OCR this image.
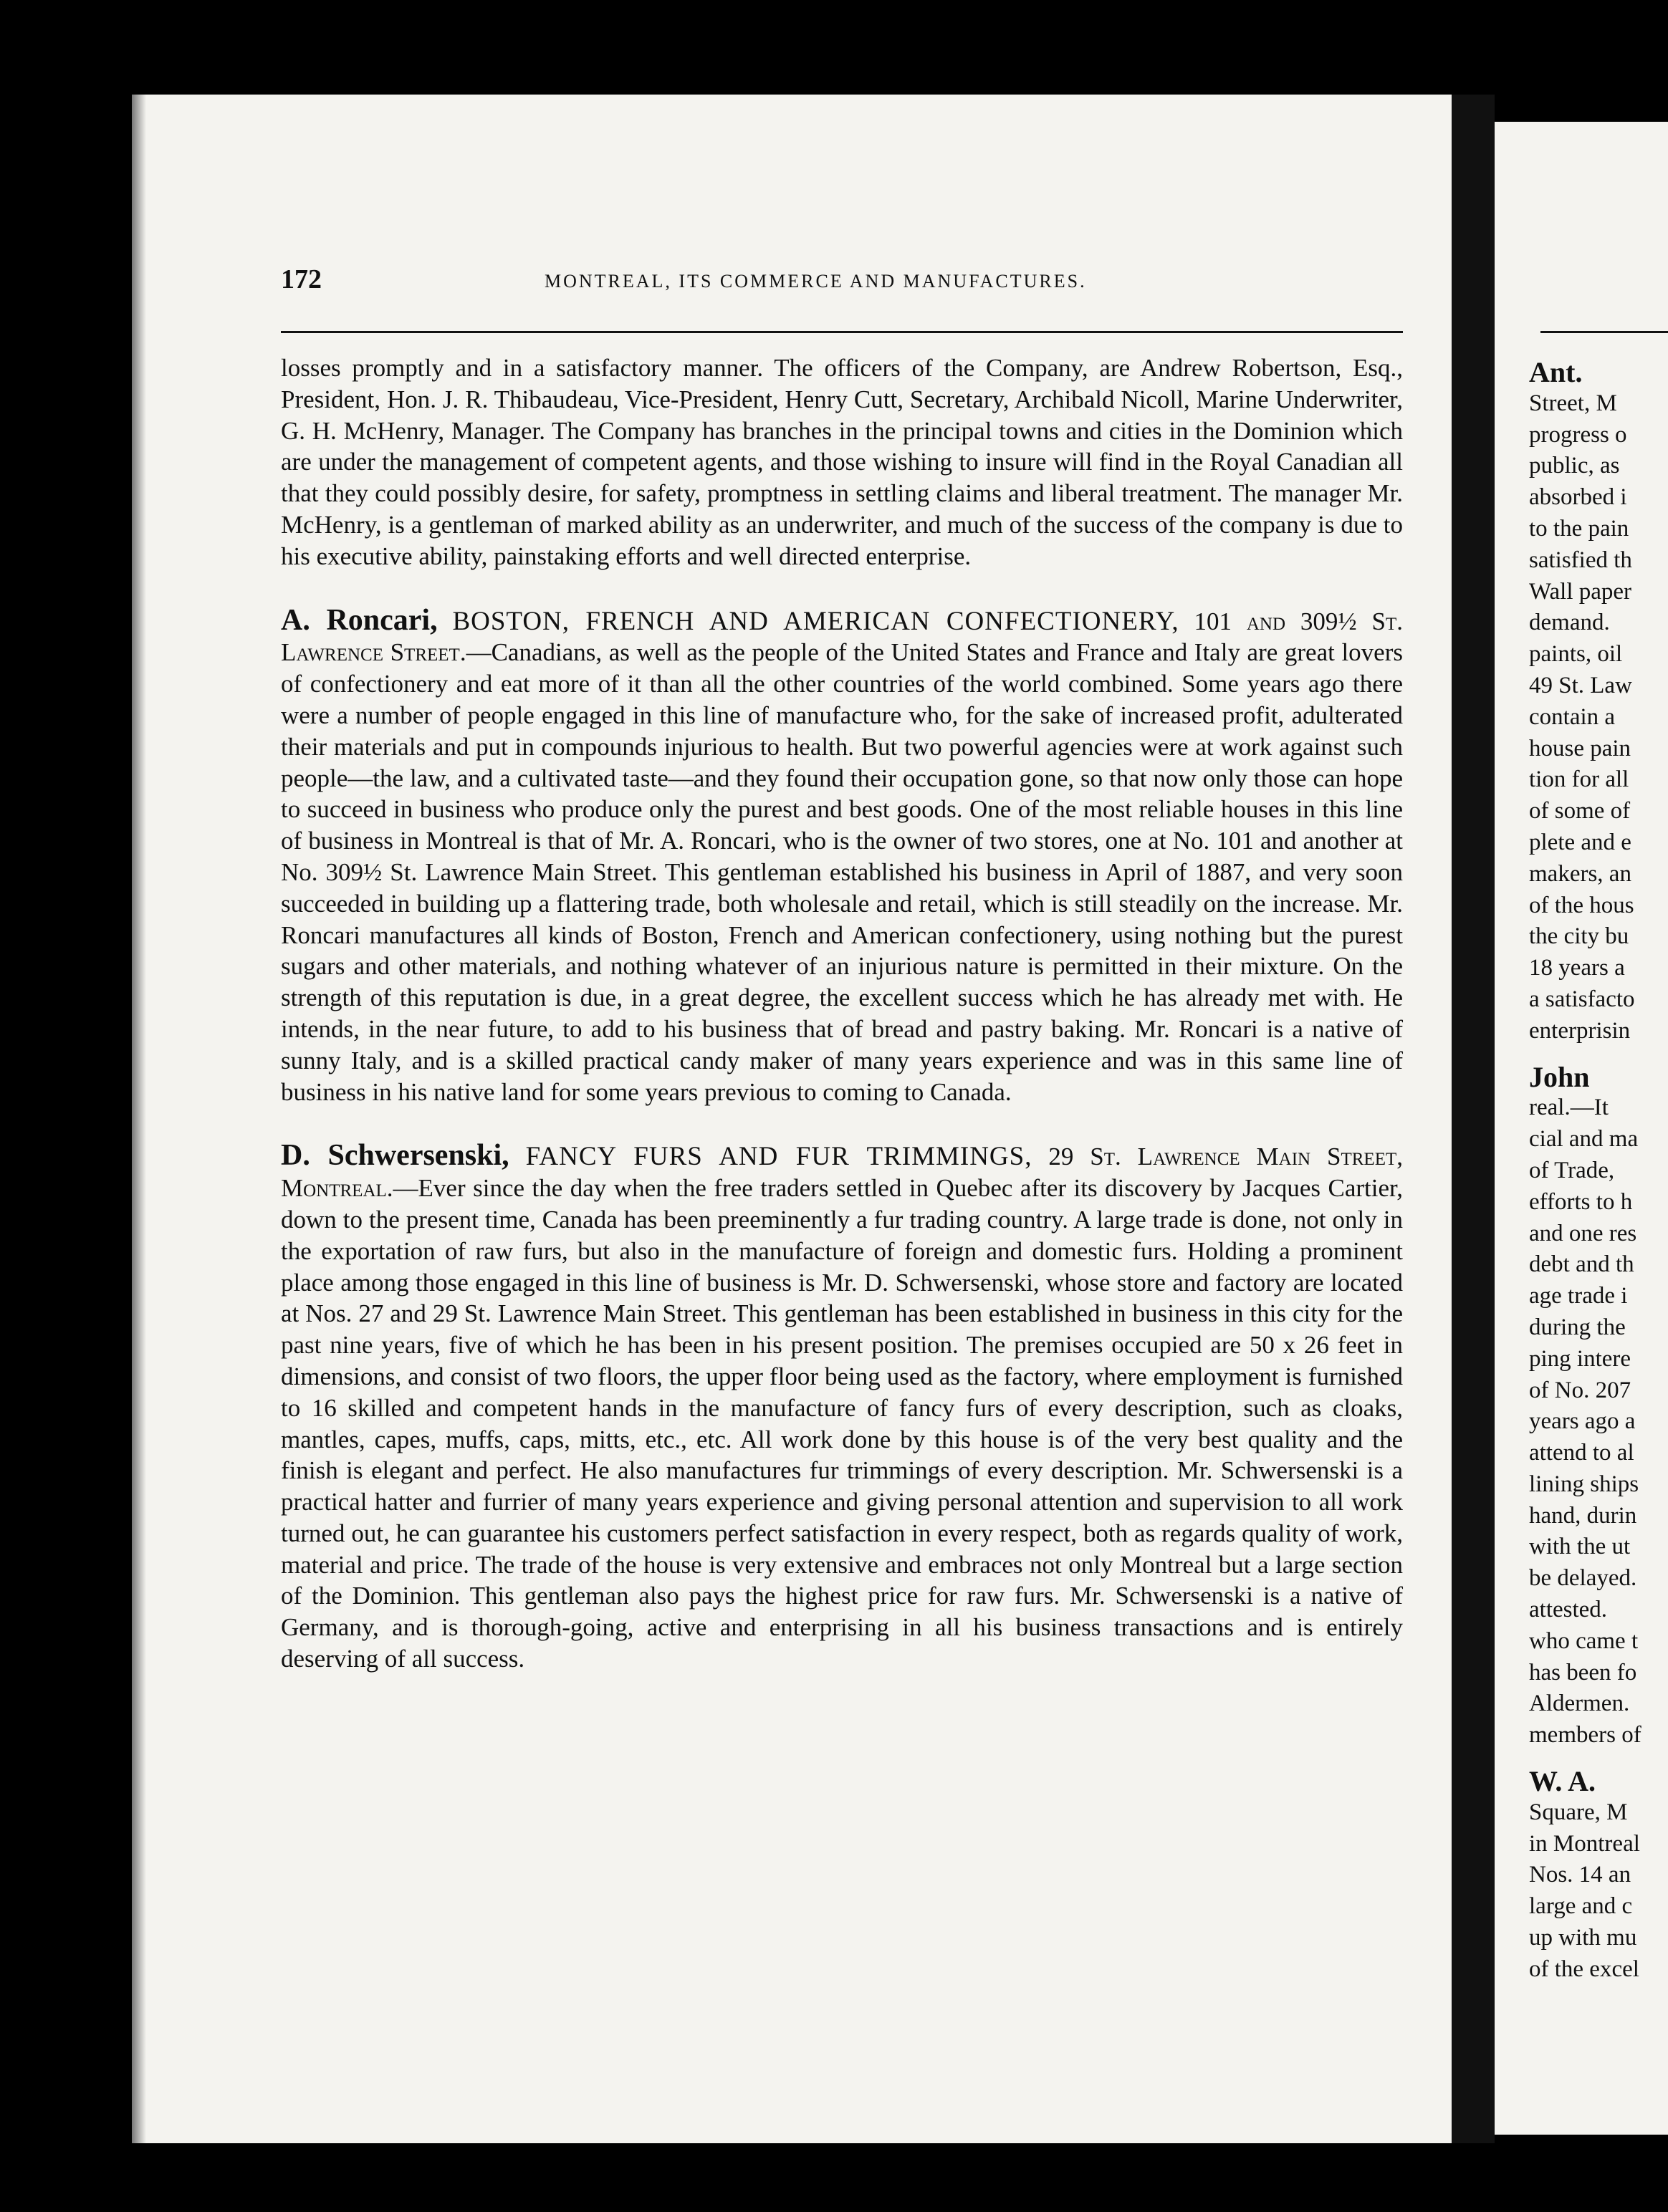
172	MONTREAL, ITS COMMERCE AND MANUFACTURES.

losses promptly and in a satisfactory manner. The officers of the Company, are Andrew Robertson, Esq., President, Hon. J. R. Thibaudeau, Vice-President, Henry Cutt, Secretary, Archibald Nicoll, Marine Underwriter, G. H. McHenry, Manager. The Company has branches in the principal towns and cities in the Dominion which are under the management of competent agents, and those wishing to insure will find in the Royal Canadian all that they could possibly desire, for safety, promptness in settling claims and liberal treatment. The manager Mr. McHenry, is a gentleman of marked ability as an underwriter, and much of the success of the company is due to his executive ability, painstaking efforts and well directed enterprise.

A. Roncari, BOSTON, FRENCH AND AMERICAN CONFECTIONERY, 101 and 309½ St. Lawrence Street.—Canadians, as well as the people of the United States and France and Italy are great lovers of confectionery and eat more of it than all the other countries of the world combined. Some years ago there were a number of people engaged in this line of manufacture who, for the sake of increased profit, adulterated their materials and put in compounds injurious to health. But two powerful agencies were at work against such people—the law, and a cultivated taste—and they found their occupation gone, so that now only those can hope to succeed in business who produce only the purest and best goods. One of the most reliable houses in this line of business in Montreal is that of Mr. A. Roncari, who is the owner of two stores, one at No. 101 and another at No. 309½ St. Lawrence Main Street. This gentleman established his business in April of 1887, and very soon succeeded in building up a flattering trade, both wholesale and retail, which is still steadily on the increase. Mr. Roncari manufactures all kinds of Boston, French and American confectionery, using nothing but the purest sugars and other materials, and nothing whatever of an injurious nature is permitted in their mixture. On the strength of this reputation is due, in a great degree, the excellent success which he has already met with. He intends, in the near future, to add to his business that of bread and pastry baking. Mr. Roncari is a native of sunny Italy, and is a skilled practical candy maker of many years experience and was in this same line of business in his native land for some years previous to coming to Canada.

D. Schwersenski, FANCY FURS AND FUR TRIMMINGS, 29 St. Lawrence Main Street, Montreal.—Ever since the day when the free traders settled in Quebec after its discovery by Jacques Cartier, down to the present time, Canada has been preeminently a fur trading country. A large trade is done, not only in the exportation of raw furs, but also in the manufacture of foreign and domestic furs. Holding a prominent place among those engaged in this line of business is Mr. D. Schwersenski, whose store and factory are located at Nos. 27 and 29 St. Lawrence Main Street. This gentleman has been established in business in this city for the past nine years, five of which he has been in his present position. The premises occupied are 50 x 26 feet in dimensions, and consist of two floors, the upper floor being used as the factory, where employment is furnished to 16 skilled and competent hands in the manufacture of fancy furs of every description, such as cloaks, mantles, capes, muffs, caps, mitts, etc., etc. All work done by this house is of the very best quality and the finish is elegant and perfect. He also manufactures fur trimmings of every description. Mr. Schwersenski is a practical hatter and furrier of many years experience and giving personal attention and supervision to all work turned out, he can guarantee his customers perfect satisfaction in every respect, both as regards quality of work, material and price. The trade of the house is very extensive and embraces not only Montreal but a large section of the Dominion. This gentleman also pays the highest price for raw furs. Mr. Schwersenski is a native of Germany, and is thorough-going, active and enterprising in all his business transactions and is entirely deserving of all success.

Ant.
Street, M
progress o
public, as
absorbed i
to the pain
satisfied th
Wall paper
demand.
paints, oil
49 St. Law
contain a
house pain
tion for all
of some of
plete and e
makers, an
of the hous
the city bu
18 years a
a satisfacto
enterprisin
John
real.—It
cial and ma
of Trade,
efforts to h
and one res
debt and th
age trade i
during the
ping intere
of No. 207
years ago a
attend to al
lining ships
hand, durin
with the ut
be delayed.
attested.
who came t
has been fo
Aldermen.
members of
W. A.
Square, M
in Montreal
Nos. 14 an
large and c
up with mu
of the excel
